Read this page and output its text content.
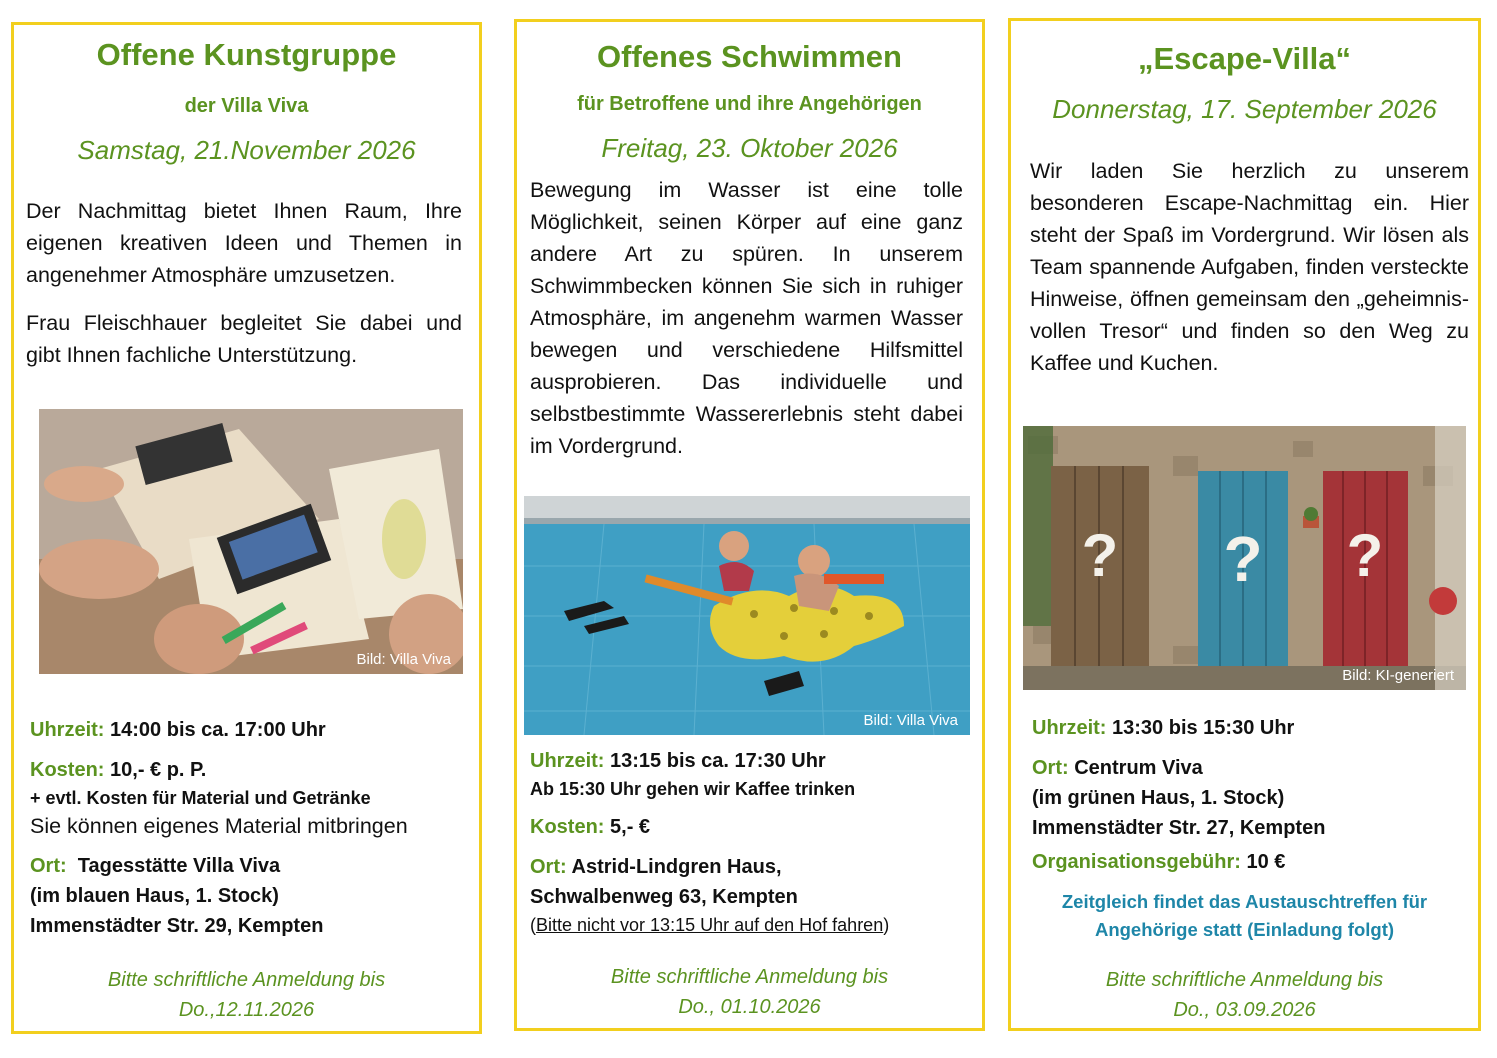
Offene Kunstgruppe
der Villa Viva
Samstag, 21.November 2026

Der Nachmittag bietet Ihnen Raum, Ihre eigenen kreativen Ideen und Themen in angenehmer Atmosphäre umzusetzen.

Frau Fleischhauer begleitet Sie dabei und gibt Ihnen fachliche Unterstützung.

Bild: Villa Viva
Uhrzeit: 14:00 bis ca. 17:00 Uhr
Kosten: 10,- € p. P.
+ evtl. Kosten für Material und Getränke
Sie können eigenes Material mitbringen
Ort: Tagesstätte Villa Viva
(im blauen Haus, 1. Stock)
Immenstädter Str. 29, Kempten
Bitte schriftliche Anmeldung bis
Do.,12.11.2026
Offenes Schwimmen
für Betroffene und ihre Angehörigen
Freitag, 23. Oktober 2026

Bewegung im Wasser ist eine tolle Möglichkeit, seinen Körper auf eine ganz andere Art zu spüren. In unserem Schwimmbecken können Sie sich in ruhiger Atmosphäre, im angenehm warmen Wasser bewegen und verschiedene Hilfsmittel ausprobieren. Das individuelle und selbstbestimmte Wassererlebnis steht dabei im Vordergrund.

Bild: Villa Viva
Uhrzeit: 13:15 bis ca. 17:30 Uhr
Ab 15:30 Uhr gehen wir Kaffee trinken
Kosten: 5,- €
Ort: Astrid-Lindgren Haus,
Schwalbenweg 63, Kempten
(Bitte nicht vor 13:15 Uhr auf den Hof fahren)
Bitte schriftliche Anmeldung bis
Do., 01.10.2026
„Escape-Villa“
Donnerstag, 17. September 2026

Wir laden Sie herzlich zu unserem besonderen Escape-Nachmittag ein. Hier steht der Spaß im Vordergrund. Wir lösen als Team spannende Aufgaben, finden versteckte Hinweise, öffnen gemeinsam den „geheimnis-vollen Tresor“ und finden so den Weg zu Kaffee und Kuchen.

? ? ?
Bild: KI-generiert
Uhrzeit: 13:30 bis 15:30 Uhr
Ort: Centrum Viva
(im grünen Haus, 1. Stock)
Immenstädter Str. 27, Kempten
Organisationsgebühr: 10 €
Zeitgleich findet das Austauschtreffen für
Angehörige statt (Einladung folgt)
Bitte schriftliche Anmeldung bis
Do., 03.09.2026
